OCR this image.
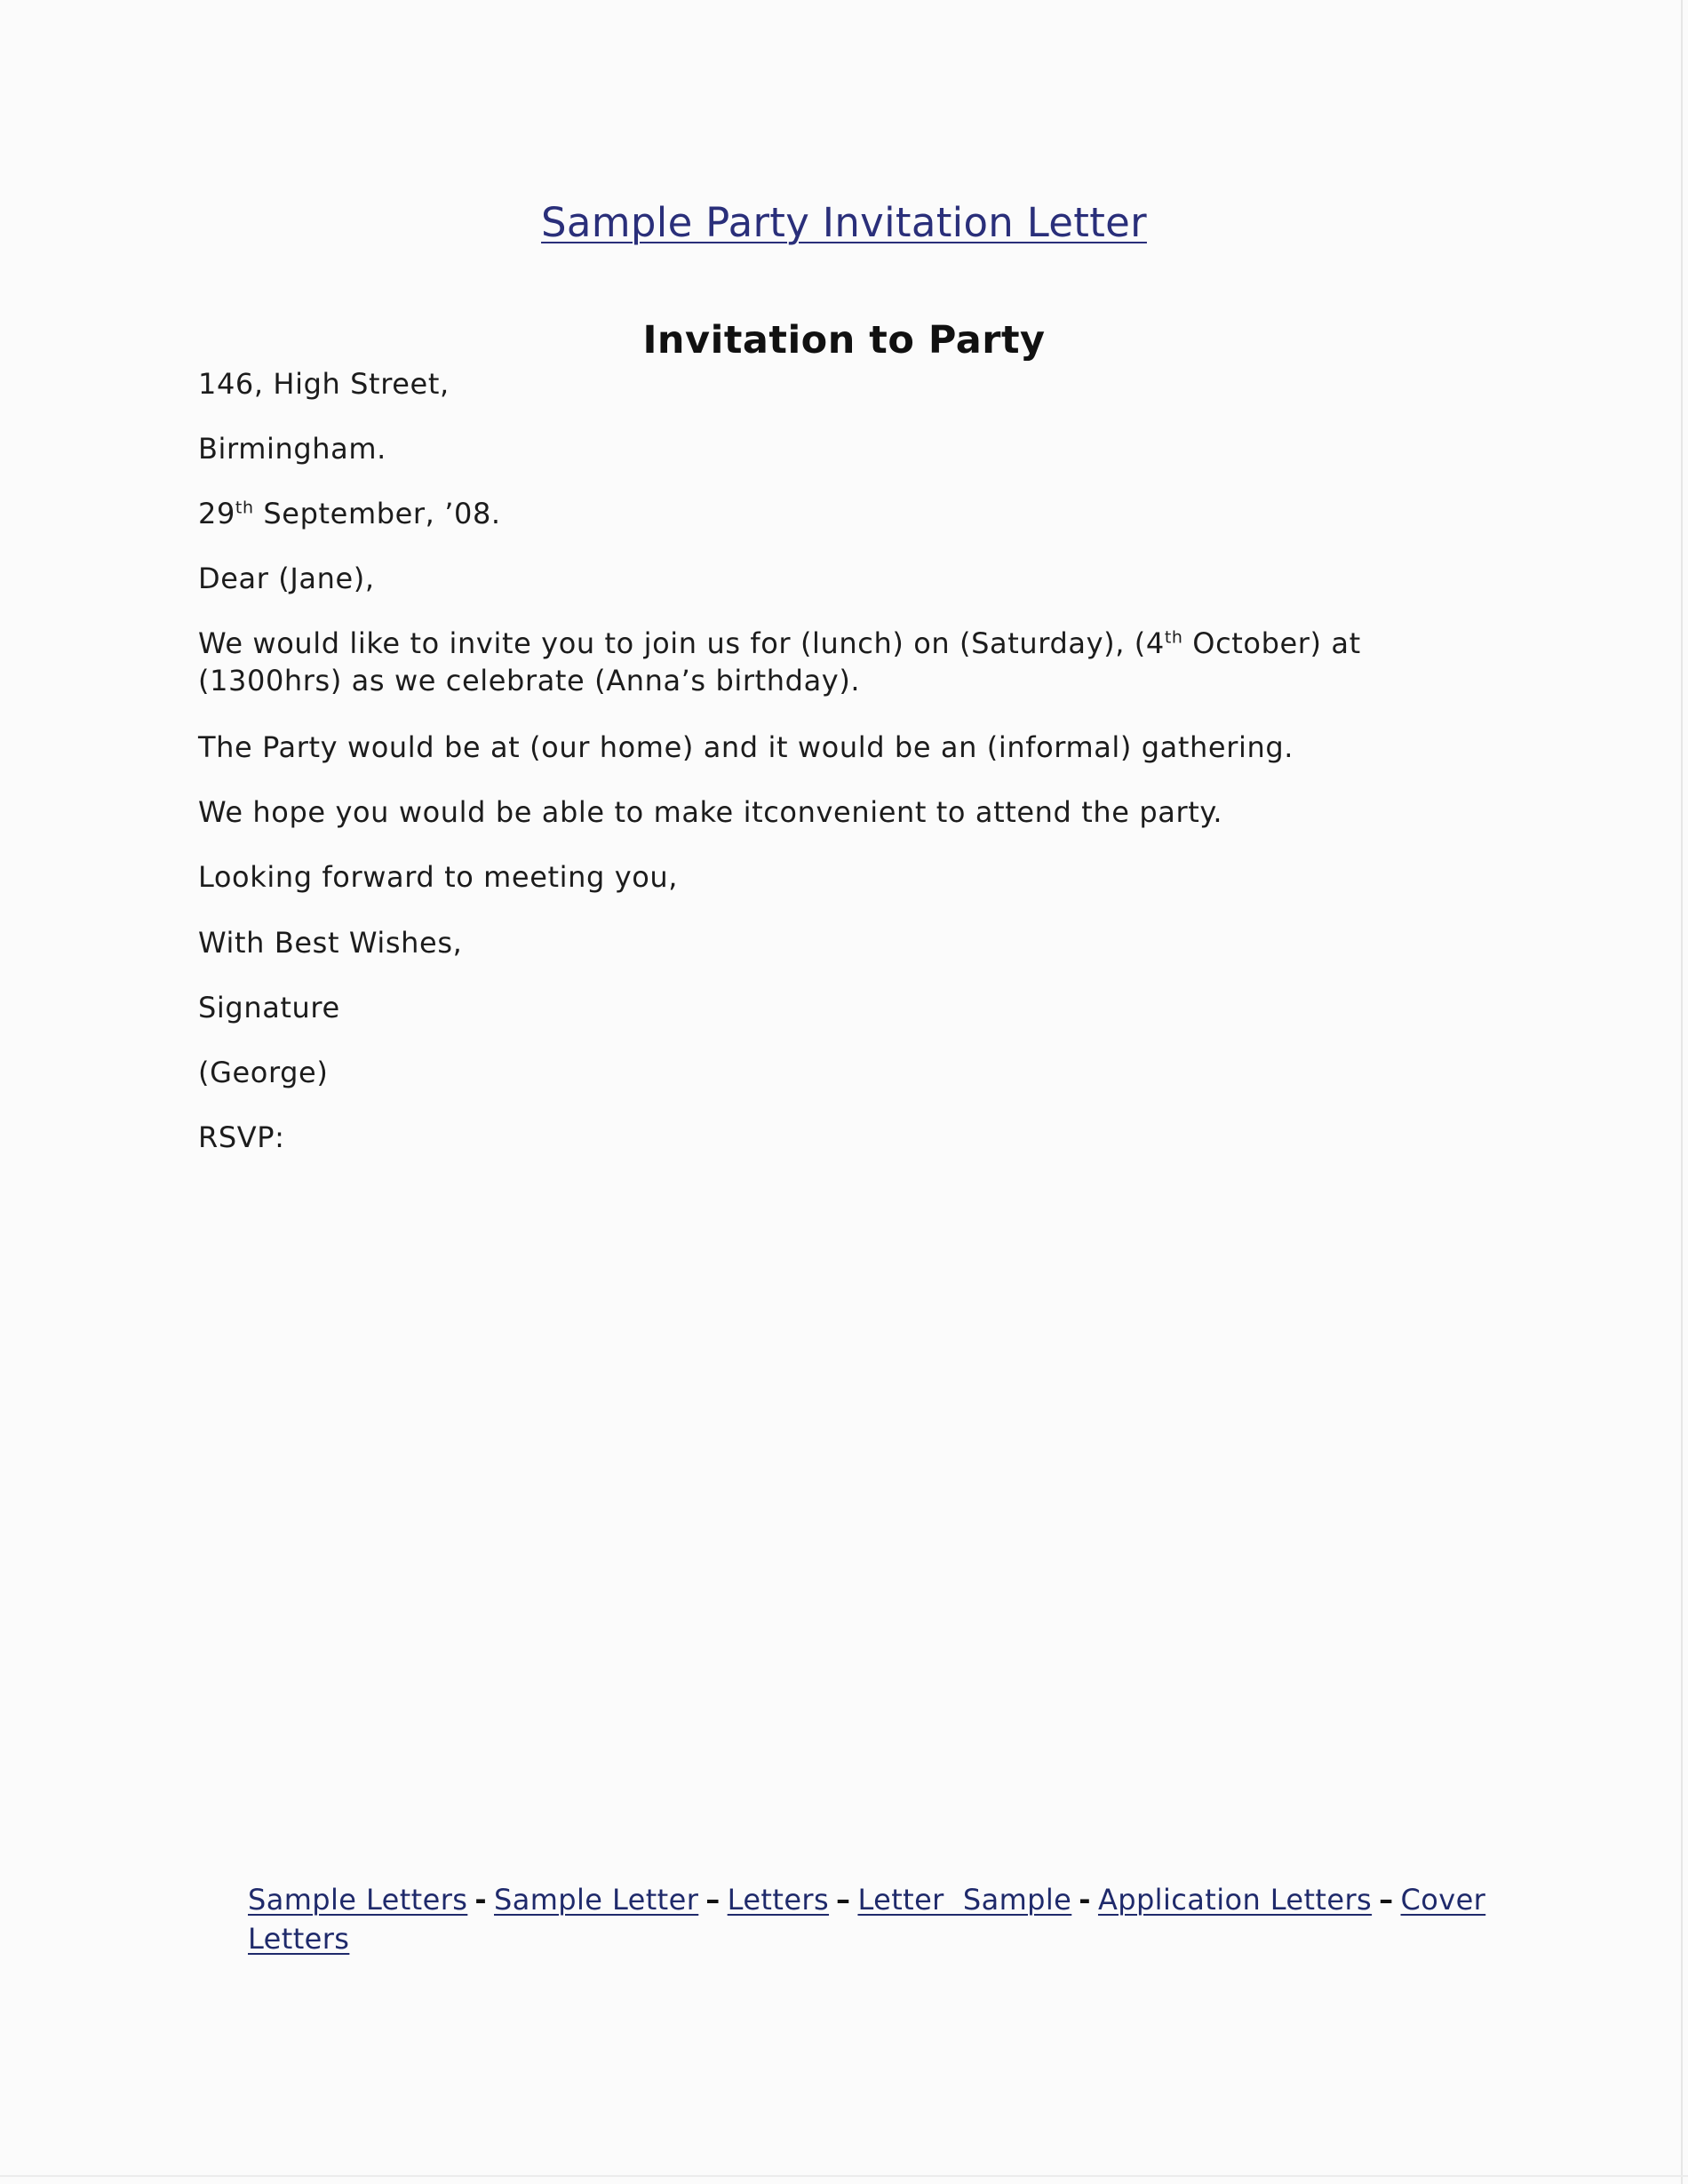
Sample Party Invitation Letter
Invitation to Party
146, High Street,
Birmingham.
29th September, ’08.
Dear (Jane),
We would like to invite you to join us for (lunch) on (Saturday), (4th October) at (1300hrs) as we celebrate (Anna’s birthday).
The Party would be at (our home) and it would be an (informal) gathering.
We hope you would be able to make itconvenient to attend the party.
Looking forward to meeting you,
With Best Wishes,
Signature
(George)
RSVP:
Sample Letters - Sample Letter – Letters – Letter  Sample - Application Letters – Cover Letters
